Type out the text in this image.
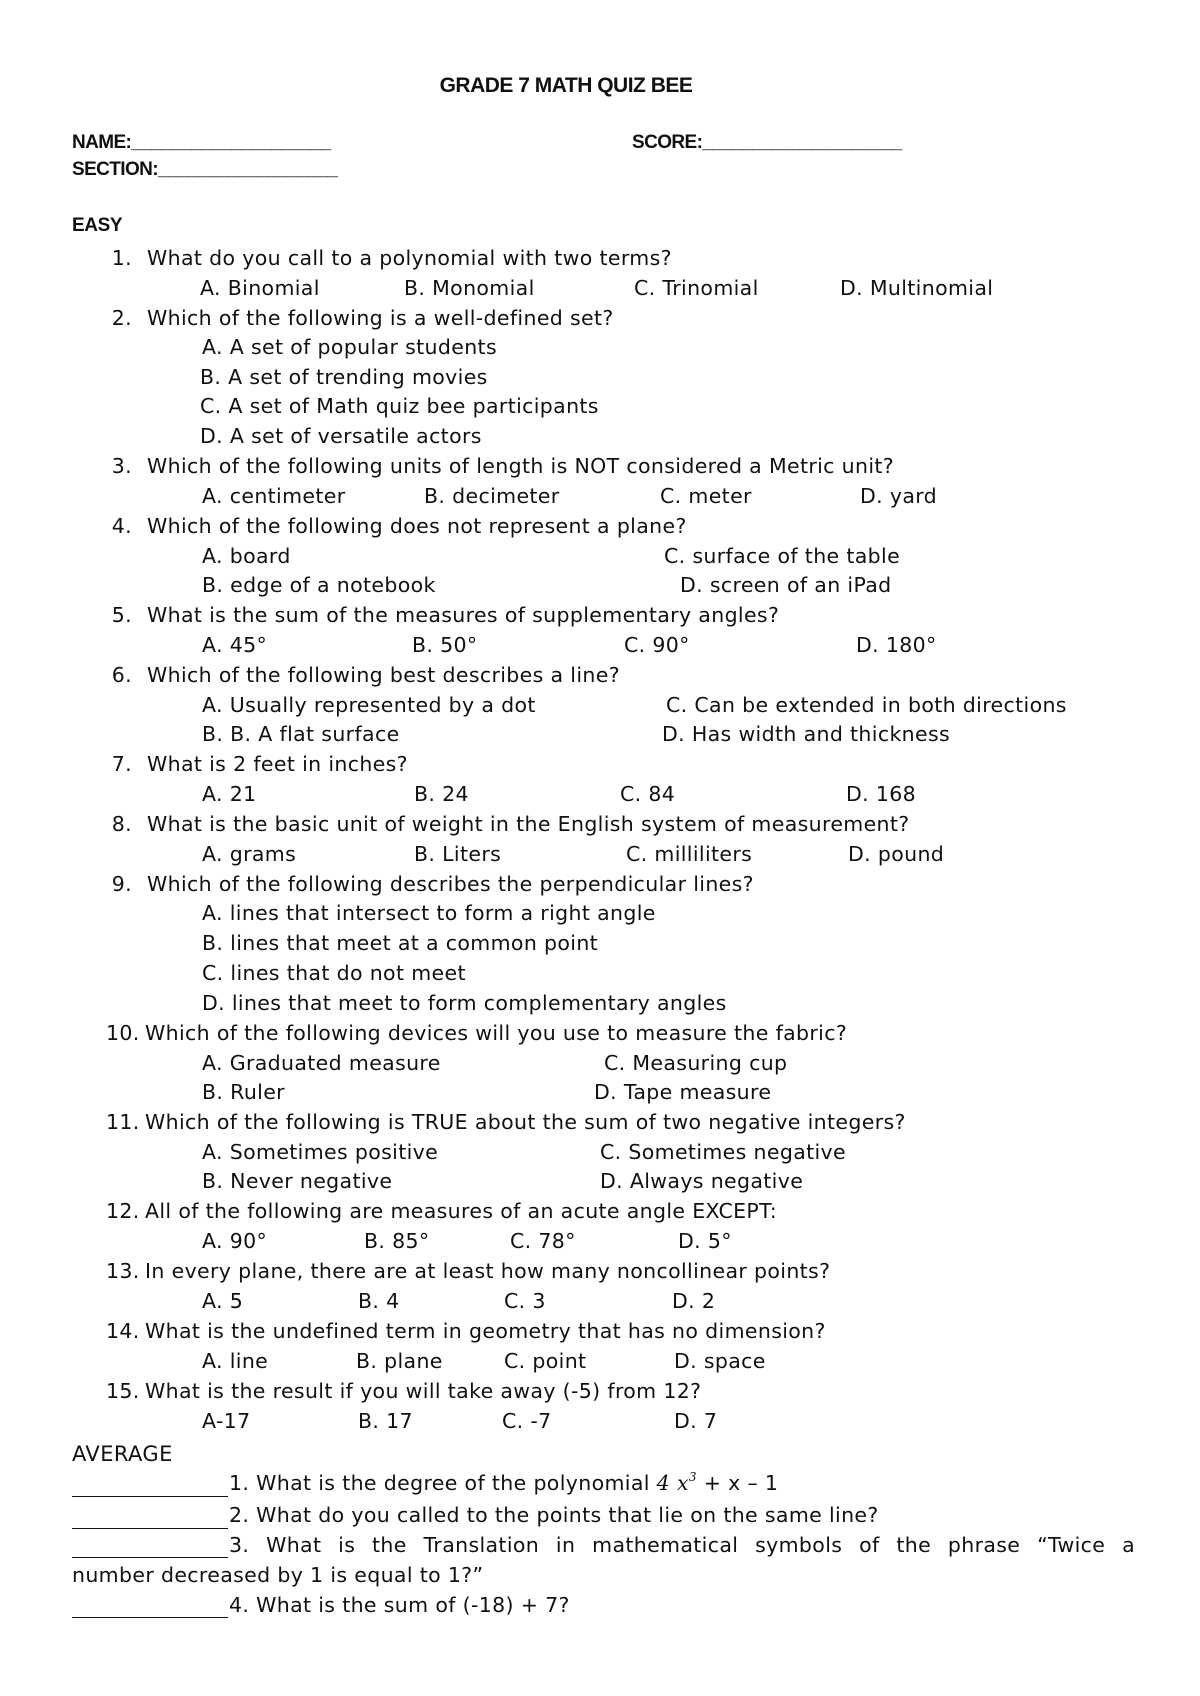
GRADE 7 MATH QUIZ BEE
NAME:____________________	SCORE:____________________
SECTION:__________________
EASY
1. What do you call to a polynomial with two terms?
A. Binomial	B. Monomial	C. Trinomial	D. Multinomial
2. Which of the following is a well-defined set?
A. A set of popular students
B. A set of trending movies
C. A set of Math quiz bee participants
D. A set of versatile actors
3. Which of the following units of length is NOT considered a Metric unit?
A. centimeter	B. decimeter	C. meter	D. yard
4. Which of the following does not represent a plane?
A. board	C. surface of the table
B. edge of a notebook	D. screen of an iPad
5. What is the sum of the measures of supplementary angles?
A. 45°	B. 50°	C. 90°	D. 180°
6. Which of the following best describes a line?
A. Usually represented by a dot	C. Can be extended in both directions
B. B. A flat surface	D. Has width and thickness
7. What is 2 feet in inches?
A. 21	B. 24	C. 84	D. 168
8. What is the basic unit of weight in the English system of measurement?
A. grams	B. Liters	C. milliliters	D. pound
9. Which of the following describes the perpendicular lines?
A. lines that intersect to form a right angle
B. lines that meet at a common point
C. lines that do not meet
D. lines that meet to form complementary angles
10. Which of the following devices will you use to measure the fabric?
A. Graduated measure	C. Measuring cup
B. Ruler	D. Tape measure
11. Which of the following is TRUE about the sum of two negative integers?
A. Sometimes positive	C. Sometimes negative
B. Never negative	D. Always negative
12. All of the following are measures of an acute angle EXCEPT:
A. 90°	B. 85°	C. 78°	D. 5°
13. In every plane, there are at least how many noncollinear points?
A. 5	B. 4	C. 3	D. 2
14. What is the undefined term in geometry that has no dimension?
A. line	B. plane	C. point	D. space
15. What is the result if you will take away (-5) from 12?
A-17	B. 17	C. -7	D. 7
AVERAGE
1. What is the degree of the polynomial 4 $x^3 + x - 1$
2. What do you called to the points that lie on the same line?
3. What is the Translation in mathematical symbols of the phrase “Twice a
number decreased by 1 is equal to 1?”
4. What is the sum of (-18) + 7?
